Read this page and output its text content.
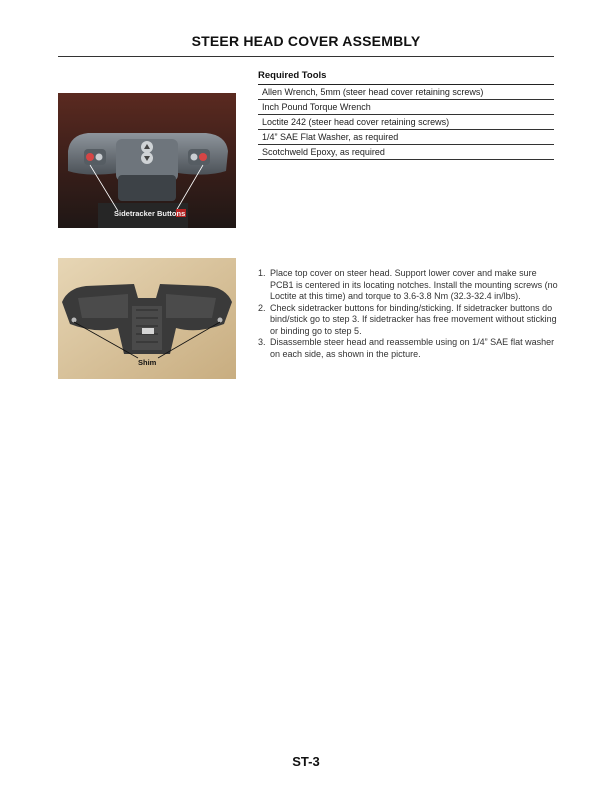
STEER HEAD COVER ASSEMBLY
Required Tools
Allen Wrench, 5mm (steer head cover retaining screws)
Inch Pound Torque Wrench
Loctite 242 (steer head cover retaining screws)
1/4” SAE Flat Washer, as required
Scotchweld Epoxy, as required
Sidetracker Buttons
Shim
1. Place top cover on steer head. Support lower cover and make sure PCB1 is centered in its locating notches. Install the mounting screws (no Loctite at this time) and torque to 3.6-3.8 Nm (32.3-32.4 in/lbs).
2. Check sidetracker buttons for binding/sticking. If sidetracker buttons do bind/stick go to step 3. If sidetracker has free movement without sticking or binding go to step 5.
3. Disassemble steer head and reassemble using on 1/4” SAE flat washer on each side, as shown in the picture.
ST-3
